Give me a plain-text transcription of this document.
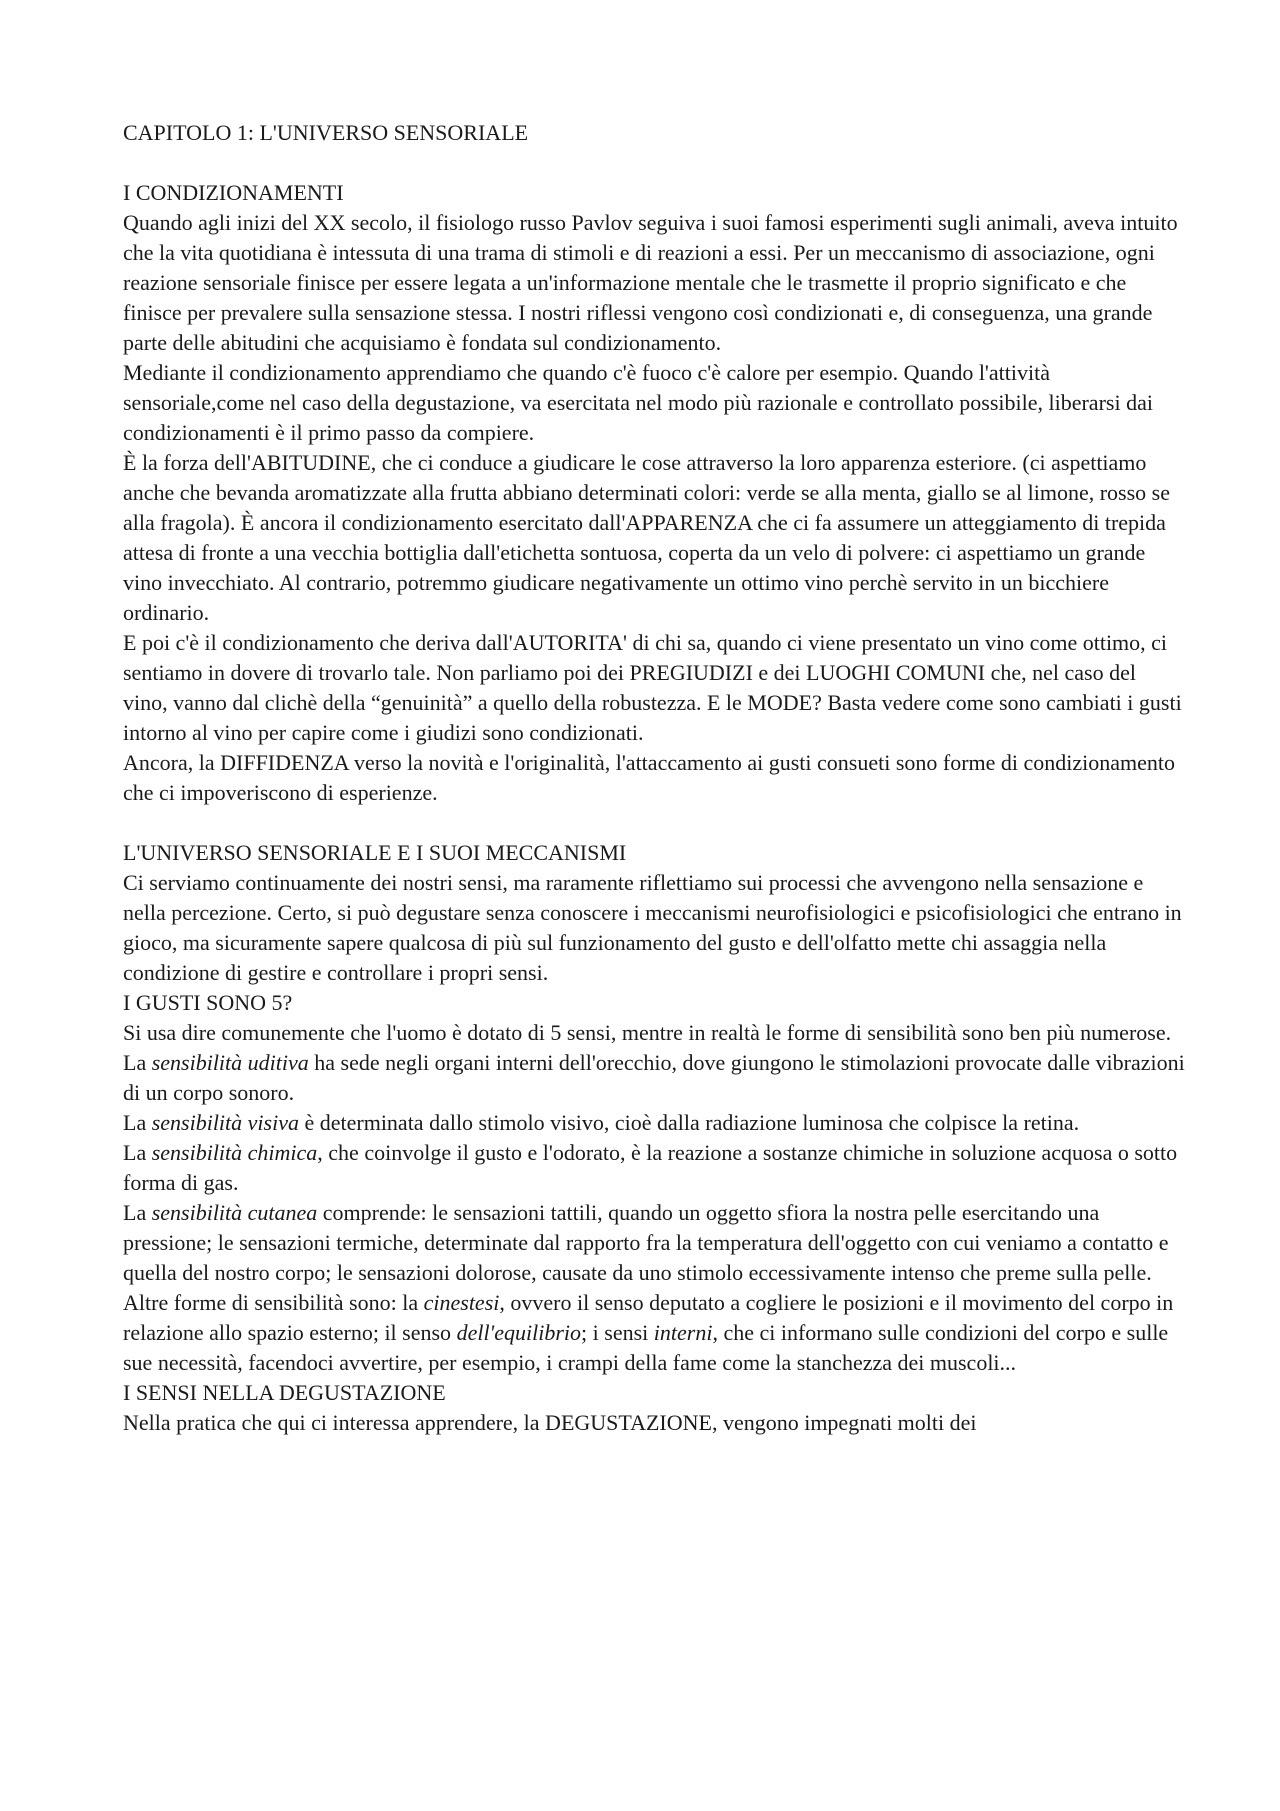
CAPITOLO 1: L'UNIVERSO SENSORIALE

I CONDIZIONAMENTI

Quando agli inizi del XX secolo, il fisiologo russo Pavlov seguiva i suoi famosi esperimenti sugli animali, aveva intuito che la vita quotidiana è intessuta di una trama di stimoli e di reazioni a essi. Per un meccanismo di associazione, ogni reazione sensoriale finisce per essere legata a un'informazione mentale che le trasmette il proprio significato e che finisce per prevalere sulla sensazione stessa. I nostri riflessi vengono così condizionati e, di conseguenza, una grande parte delle abitudini che acquisiamo è fondata sul condizionamento.

Mediante il condizionamento apprendiamo che quando c'è fuoco c'è calore per esempio. Quando l'attività sensoriale,come nel caso della degustazione, va esercitata nel modo più razionale e controllato possibile, liberarsi dai condizionamenti è il primo passo da compiere.

È la forza dell'ABITUDINE, che ci conduce a giudicare le cose attraverso la loro apparenza esteriore. (ci aspettiamo anche che bevanda aromatizzate alla frutta abbiano determinati colori: verde se alla menta, giallo se al limone, rosso se alla fragola). È ancora il condizionamento esercitato dall'APPARENZA che ci fa assumere un atteggiamento di trepida attesa di fronte a una vecchia bottiglia dall'etichetta sontuosa, coperta da un velo di polvere: ci aspettiamo un grande vino invecchiato. Al contrario, potremmo giudicare negativamente un ottimo vino perchè servito in un bicchiere ordinario.

E poi c'è il condizionamento che deriva dall'AUTORITA' di chi sa, quando ci viene presentato un vino come ottimo, ci sentiamo in dovere di trovarlo tale. Non parliamo poi dei PREGIUDIZI e dei LUOGHI COMUNI che, nel caso del vino, vanno dal clichè della “genuinità” a quello della robustezza. E le MODE? Basta vedere come sono cambiati i gusti intorno al vino per capire come i giudizi sono condizionati.

Ancora, la DIFFIDENZA verso la novità e l'originalità, l'attaccamento ai gusti consueti sono forme di condizionamento che ci impoveriscono di esperienze.

L'UNIVERSO SENSORIALE E I SUOI MECCANISMI

Ci serviamo continuamente dei nostri sensi, ma raramente riflettiamo sui processi che avvengono nella sensazione e nella percezione. Certo, si può degustare senza conoscere i meccanismi neurofisiologici e psicofisiologici che entrano in gioco, ma sicuramente sapere qualcosa di più sul funzionamento del gusto e dell'olfatto mette chi assaggia nella condizione di gestire e controllare i propri sensi.

I GUSTI SONO 5?

Si usa dire comunemente che l'uomo è dotato di 5 sensi, mentre in realtà le forme di sensibilità sono ben più numerose.

La sensibilità uditiva ha sede negli organi interni dell'orecchio, dove giungono le stimolazioni provocate dalle vibrazioni di un corpo sonoro.

La sensibilità visiva è determinata dallo stimolo visivo, cioè dalla radiazione luminosa che colpisce la retina.

La sensibilità chimica, che coinvolge il gusto e l'odorato, è la reazione a sostanze chimiche in soluzione acquosa o sotto forma di gas.

La sensibilità cutanea comprende: le sensazioni tattili, quando un oggetto sfiora la nostra pelle esercitando una pressione; le sensazioni termiche, determinate dal rapporto fra la temperatura dell'oggetto con cui veniamo a contatto e quella del nostro corpo; le sensazioni dolorose, causate da uno stimolo eccessivamente intenso che preme sulla pelle.

Altre forme di sensibilità sono: la cinestesi, ovvero il senso deputato a cogliere le posizioni e il movimento del corpo in relazione allo spazio esterno; il senso dell'equilibrio; i sensi interni, che ci informano sulle condizioni del corpo e sulle sue necessità, facendoci avvertire, per esempio, i crampi della fame come la stanchezza dei muscoli...

I SENSI NELLA DEGUSTAZIONE

Nella pratica che qui ci interessa apprendere, la DEGUSTAZIONE, vengono impegnati molti dei
